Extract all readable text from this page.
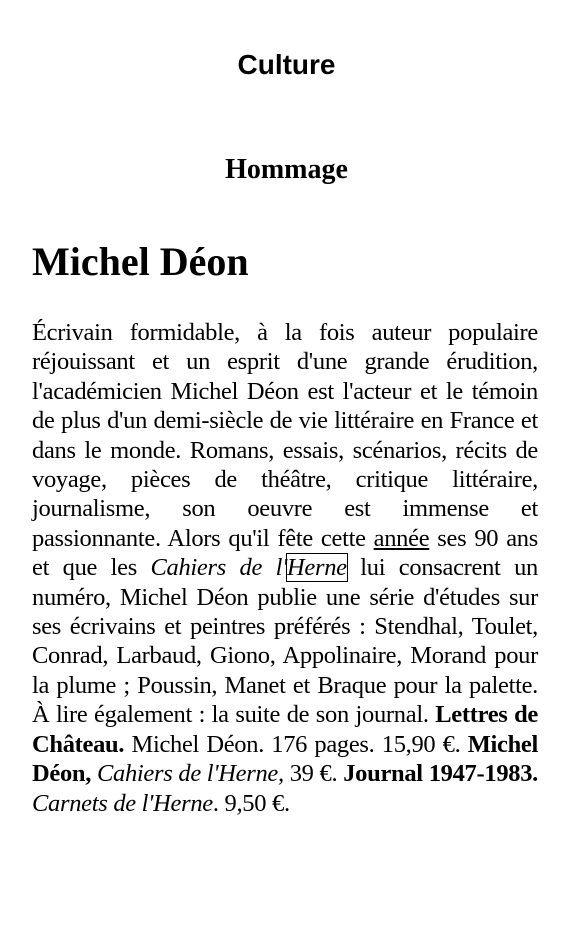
Culture
Hommage
Michel Déon

Écrivain formidable, à la fois auteur populaire réjouissant et un esprit d'une grande érudition, l'académicien Michel Déon est l'acteur et le témoin de plus d'un demi-siècle de vie littéraire en France et dans le monde. Romans, essais, scénarios, récits de voyage, pièces de théâtre, critique littéraire, journalisme, son oeuvre est immense et passionnante. Alors qu'il fête cette année ses 90 ans et que les Cahiers de l'Herne lui consacrent un numéro, Michel Déon publie une série d'études sur ses écrivains et peintres préférés : Stendhal, Toulet, Conrad, Larbaud, Giono, Appolinaire, Morand pour la plume ; Poussin, Manet et Braque pour la palette. À lire également : la suite de son journal. Lettres de Château. Michel Déon. 176 pages. 15,90 €. Michel Déon, Cahiers de l'Herne, 39 €. Journal 1947-1983. Carnets de l'Herne. 9,50 €.
